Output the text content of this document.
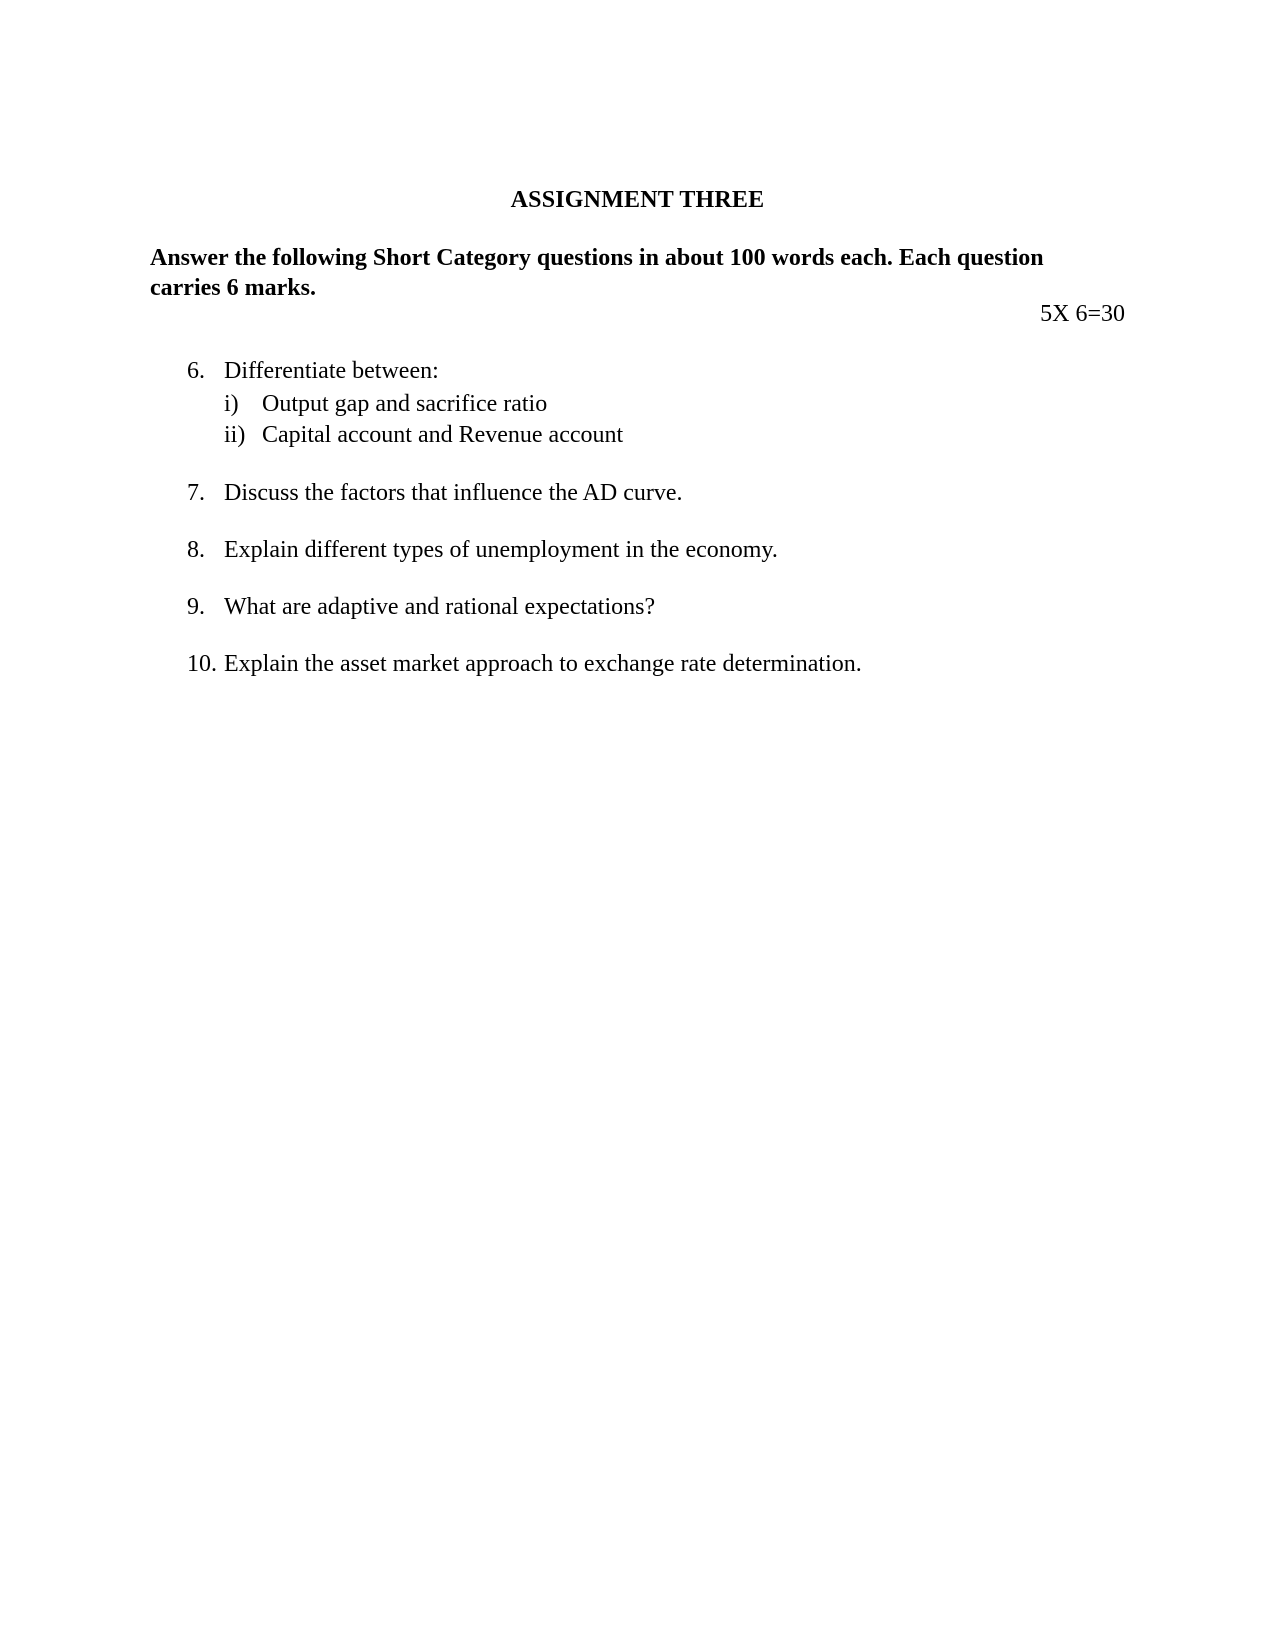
ASSIGNMENT THREE
Answer the following Short Category questions in about 100 words each. Each question carries 6 marks.
5X 6=30
6. Differentiate between:
i) Output gap and sacrifice ratio
ii) Capital account and Revenue account
7. Discuss the factors that influence the AD curve.
8. Explain different types of unemployment in the economy.
9. What are adaptive and rational expectations?
10. Explain the asset market approach to exchange rate determination.
